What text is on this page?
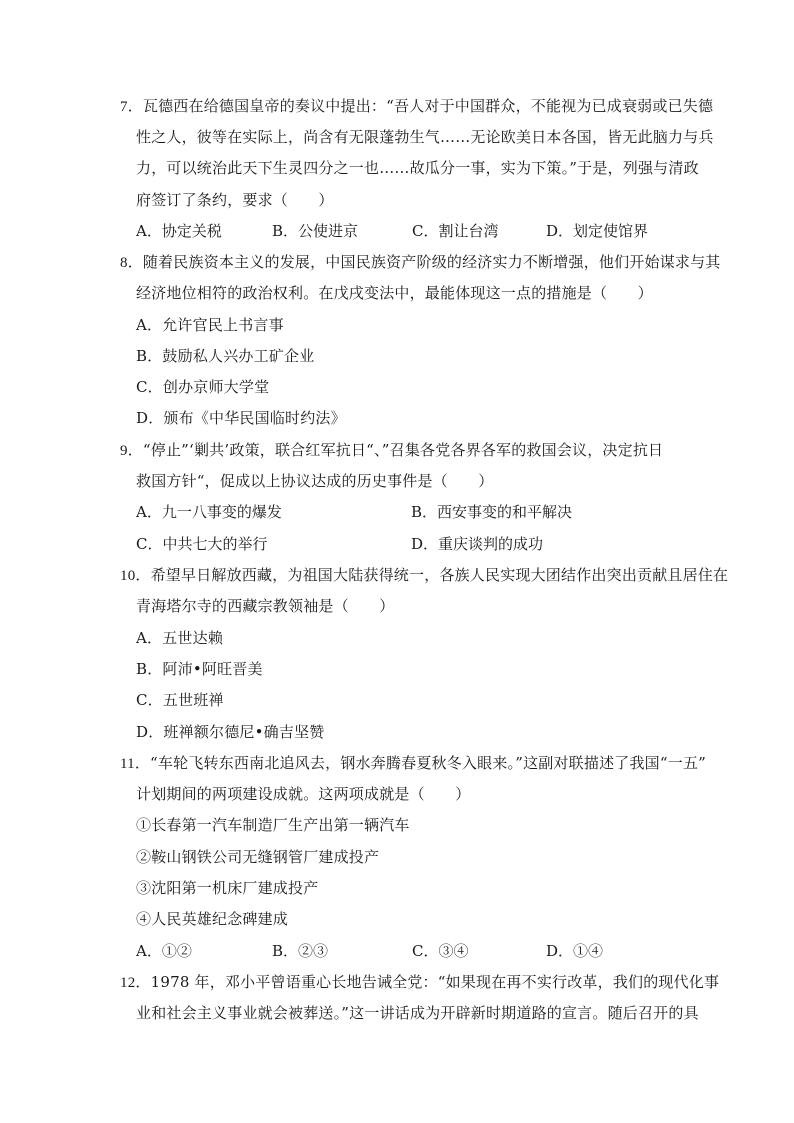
7．瓦德西在给德国皇帝的奏议中提出：“吾人对于中国群众，不能视为已成衰弱或已失德
性之人，彼等在实际上，尚含有无限蓬勃生气……无论欧美日本各国，皆无此脑力与兵
力，可以统治此天下生灵四分之一也……故瓜分一事，实为下策。”于是，列强与清政
府签订了条约，要求（　　）
A．协定关税	B．公使进京	C．割让台湾	D．划定使馆界
8．随着民族资本主义的发展，中国民族资产阶级的经济实力不断增强，他们开始谋求与其
经济地位相符的政治权利。在戊戌变法中，最能体现这一点的措施是（　　）
A．允许官民上书言事
B．鼓励私人兴办工矿企业
C．创办京师大学堂
D．颁布《中华民国临时约法》
9．“停止”‘剿共’政策，联合红军抗日“、”召集各党各界各军的救国会议，决定抗日
救国方针“，促成以上协议达成的历史事件是（　　）
A．九一八事变的爆发	B．西安事变的和平解决
C．中共七大的举行	D．重庆谈判的成功
10．希望早日解放西藏，为祖国大陆获得统一，各族人民实现大团结作出突出贡献且居住在
青海塔尔寺的西藏宗教领袖是（　　）
A．五世达赖
B．阿沛•阿旺晋美
C．五世班禅
D．班禅额尔德尼•确吉坚赞
11．“车轮飞转东西南北追风去，钢水奔腾春夏秋冬入眼来。”这副对联描述了我国“一五”
计划期间的两项建设成就。这两项成就是（　　）
①长春第一汽车制造厂生产出第一辆汽车
②鞍山钢铁公司无缝钢管厂建成投产
③沈阳第一机床厂建成投产
④人民英雄纪念碑建成
A．①②	B．②③	C．③④	D．①④
12．1978 年，邓小平曾语重心长地告诫全党：“如果现在再不实行改革，我们的现代化事
业和社会主义事业就会被葬送。”这一讲话成为开辟新时期道路的宣言。随后召开的具
